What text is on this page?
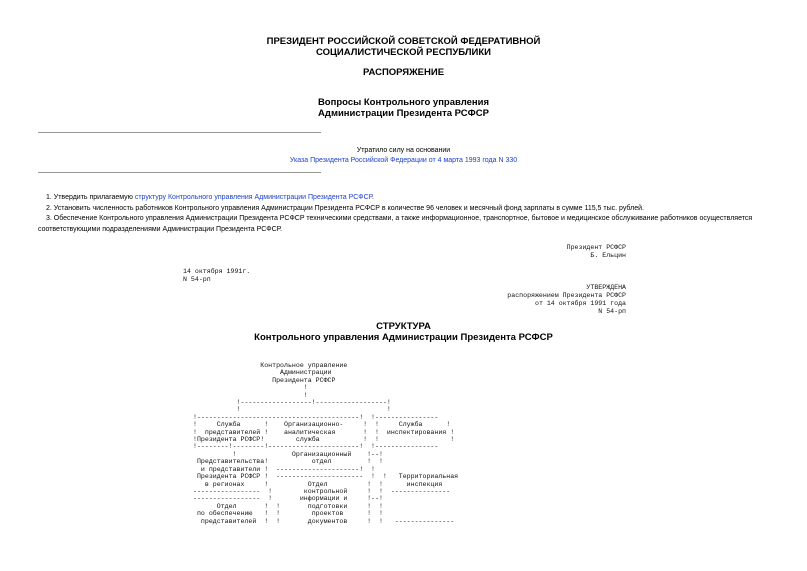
ПРЕЗИДЕНТ РОССИЙСКОЙ СОВЕТСКОЙ ФЕДЕРАТИВНОЙ
СОЦИАЛИСТИЧЕСКОЙ РЕСПУБЛИКИ
РАСПОРЯЖЕНИЕ
Вопросы Контрольного управления
Администрации Президента РСФСР
Утратило силу на основании
Указа Президента Российской Федерации от 4 марта 1993 года N 330
1. Утвердить прилагаемую структуру Контрольного управления Администрации Президента РСФСР.
2. Установить численность работников Контрольного управления Администрации Президента РСФСР в количестве 96 человек и месячный фонд зарплаты в сумме 115,5 тыс. рублей.
3. Обеспечение Контрольного управления Администрации Президента РСФСР техническими средствами, а также информационное, транспортное, бытовое и медицинское обслуживание работников осуществляется
соответствующими подразделениями Администрации Президента РСФСР.
Президент РСФСР
Б. Ельцин
14 октября 1991г.
N 54-рп
УТВЕРЖДЕНА
распоряжением Президента РСФСР
от 14 октября 1991 года
N 54-рп
СТРУКТУРА
Контрольного управления Администрации Президента РСФСР
Контрольное управление
Администрации
Президента РСФСР
!
!
!------------------!------------------!
!                                     !
!-----------------------------------------!  !----------------
!     Служба      !    Организационно-     !  !     Служба      !
!  представителей !    аналитическая       !  !  инспектирования !
!Президента РСФСР!        служба           !  !                  !
!--------!--------!-----------------------!  !----------------
!              Организационный    !--!
Представительства!           отдел         !  !
и представители !  ---------------------!  !
Президента РСФСР !  ----------------------  !  !   Территориальная
в регионах     !          Отдел          !  !      инспекция
-----------------  !        контрольной     !  !  ---------------
-----------------  !       информации и     !--!
Отдел       !  !       подготовки     !  !
по обеспечению   !  !        проектов      !  !
представителей  !  !       документов     !  !   ---------------
